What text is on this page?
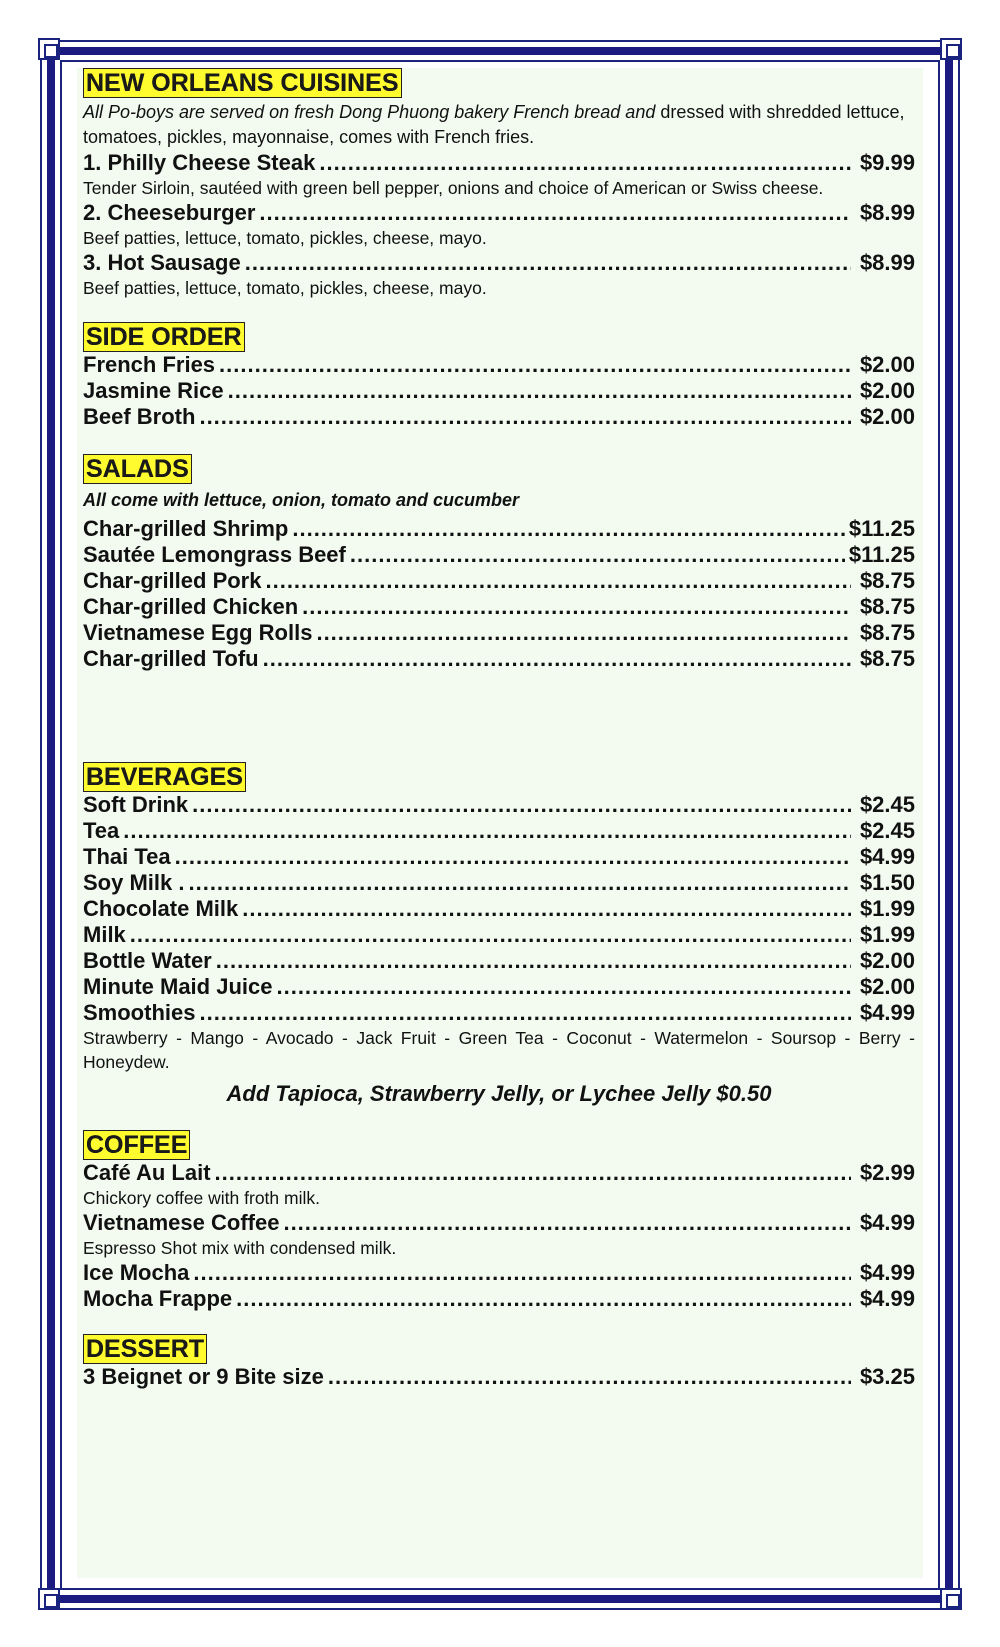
NEW ORLEANS CUISINES

All Po-boys are served on fresh Dong Phuong bakery French bread and dressed with shredded lettuce, tomatoes, pickles, mayonnaise, comes with French fries.

1. Philly Cheese Steak .....	$9.99

Tender Sirloin, sautéed with green bell pepper, onions and choice of American or Swiss cheese.

2. Cheeseburger .....	$8.99

Beef patties, lettuce, tomato, pickles, cheese, mayo.

3. Hot Sausage .....	$8.99

Beef patties, lettuce, tomato, pickles, cheese, mayo.

SIDE ORDER
French Fries .....	$2.00
Jasmine Rice .....	$2.00
Beef Broth .....	$2.00
SALADS

All come with lettuce, onion, tomato and cucumber

Char-grilled Shrimp .....	$11.25
Sautée Lemongrass Beef .....	$11.25
Char-grilled Pork .....	$8.75
Char-grilled Chicken .....	$8.75
Vietnamese Egg Rolls .....	$8.75
Char-grilled Tofu .....	$8.75
BEVERAGES
Soft Drink .....	$2.45
Tea .....	$2.45
Thai Tea .....	$4.99
Soy Milk . .....	$1.50
Chocolate Milk .....	$1.99
Milk .....	$1.99
Bottle Water .....	$2.00
Minute Maid Juice .....	$2.00
Smoothies .....	$4.99

Strawberry - Mango - Avocado - Jack Fruit - Green Tea - Coconut - Watermelon - Soursop - Berry - Honeydew.

Add Tapioca, Strawberry Jelly, or Lychee Jelly $0.50

COFFEE
Café Au Lait .....	$2.99

Chickory coffee with froth milk.

Vietnamese Coffee .....	$4.99

Espresso Shot mix with condensed milk.

Ice Mocha .....	$4.99
Mocha Frappe .....	$4.99
DESSERT
3 Beignet or 9 Bite size .....	$3.25
